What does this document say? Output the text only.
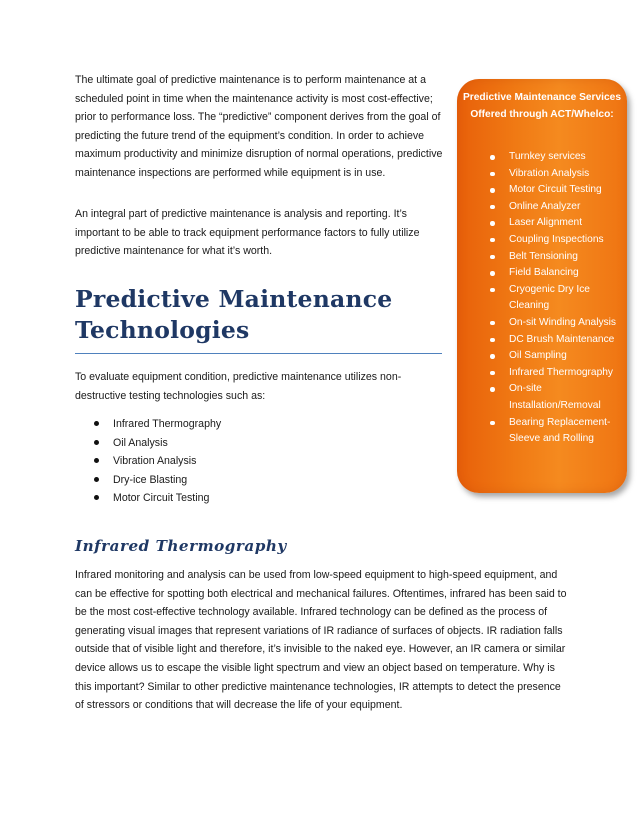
The ultimate goal of predictive maintenance is to perform maintenance at a scheduled point in time when the maintenance activity is most cost-effective; prior to performance loss. The “predictive” component derives from the goal of predicting the future trend of the equipment’s condition. In order to achieve maximum productivity and minimize disruption of normal operations, predictive maintenance inspections are performed while equipment is in use.

An integral part of predictive maintenance is analysis and reporting. It’s important to be able to track equipment performance factors to fully utilize predictive maintenance for what it’s worth.

Predictive Maintenance Technologies

To evaluate equipment condition, predictive maintenance utilizes non-destructive testing technologies such as:

Infrared Thermography
Oil Analysis
Vibration Analysis
Dry-ice Blasting
Motor Circuit Testing
Infrared Thermography

Infrared monitoring and analysis can be used from low-speed equipment to high-speed equipment, and can be effective for spotting both electrical and mechanical failures. Oftentimes, infrared has been said to be the most cost-effective technology available. Infrared technology can be defined as the process of generating visual images that represent variations of IR radiance of surfaces of objects. IR radiation falls outside that of visible light and therefore, it’s invisible to the naked eye. However, an IR camera or similar device allows us to escape the visible light spectrum and view an object based on temperature. Why is this important? Similar to other predictive maintenance technologies, IR attempts to detect the presence of stressors or conditions that will decrease the life of your equipment.

Predictive Maintenance Services Offered through ACT/Whelco:

Turnkey services
Vibration Analysis
Motor Circuit Testing
Online Analyzer
Laser Alignment
Coupling Inspections
Belt Tensioning
Field Balancing
Cryogenic Dry Ice Cleaning
On-sit Winding Analysis
DC Brush Maintenance
Oil Sampling
Infrared Thermography
On-site Installation/Removal
Bearing Replacement-Sleeve and Rolling
